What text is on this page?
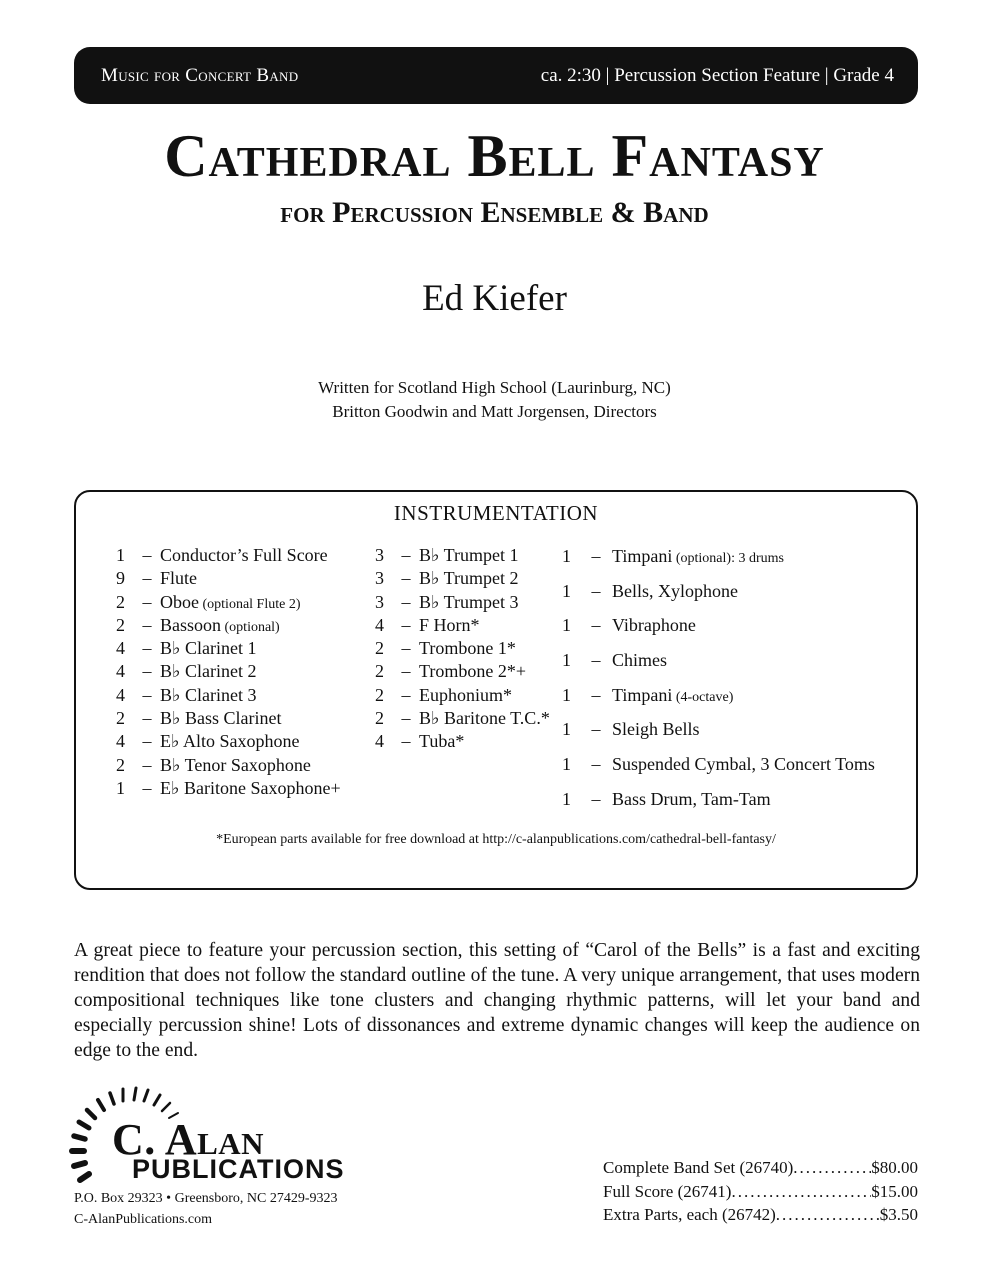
Music for Concert Band	ca. 2:30 | Percussion Section Feature | Grade 4
Cathedral Bell Fantasy
for Percussion Ensemble & Band
Ed Kiefer
Written for Scotland High School (Laurinburg, NC)
Britton Goodwin and Matt Jorgensen, Directors
INSTRUMENTATION
1 – Conductor’s Full Score
9 – Flute
2 – Oboe (optional Flute 2)
2 – Bassoon (optional)
4 – B♭ Clarinet 1
4 – B♭ Clarinet 2
4 – B♭ Clarinet 3
2 – B♭ Bass Clarinet
4 – E♭ Alto Saxophone
2 – B♭ Tenor Saxophone
1 – E♭ Baritone Saxophone+
3 – B♭ Trumpet 1
3 – B♭ Trumpet 2
3 – B♭ Trumpet 3
4 – F Horn*
2 – Trombone 1*
2 – Trombone 2*+
2 – Euphonium*
2 – B♭ Baritone T.C.*
4 – Tuba*
1	– Timpani (optional): 3 drums
1	– Bells, Xylophone
1	– Vibraphone
1	– Chimes
1	– Timpani (4-octave)
1	– Sleigh Bells
1	– Suspended Cymbal, 3 Concert Toms
1	– Bass Drum, Tam-Tam
*European parts available for free download at http://c-alanpublications.com/cathedral-bell-fantasy/

A great piece to feature your percussion section, this setting of “Carol of the Bells” is a fast and exciting rendition that does not follow the standard outline of the tune. A very unique arrangement, that uses modern compositional techniques like tone clusters and changing rhythmic patterns, will let your band and especially percussion shine! Lots of dissonances and extreme dynamic changes will keep the audience on edge to the end.

C. Alan
PUBLICATIONS
P.O. Box 29323 • Greensboro, NC 27429-9323
C-AlanPublications.com
Complete Band Set (26740) .....	$80.00
Full Score (26741) .....	$15.00
Extra Parts, each (26742) .....	$3.50
